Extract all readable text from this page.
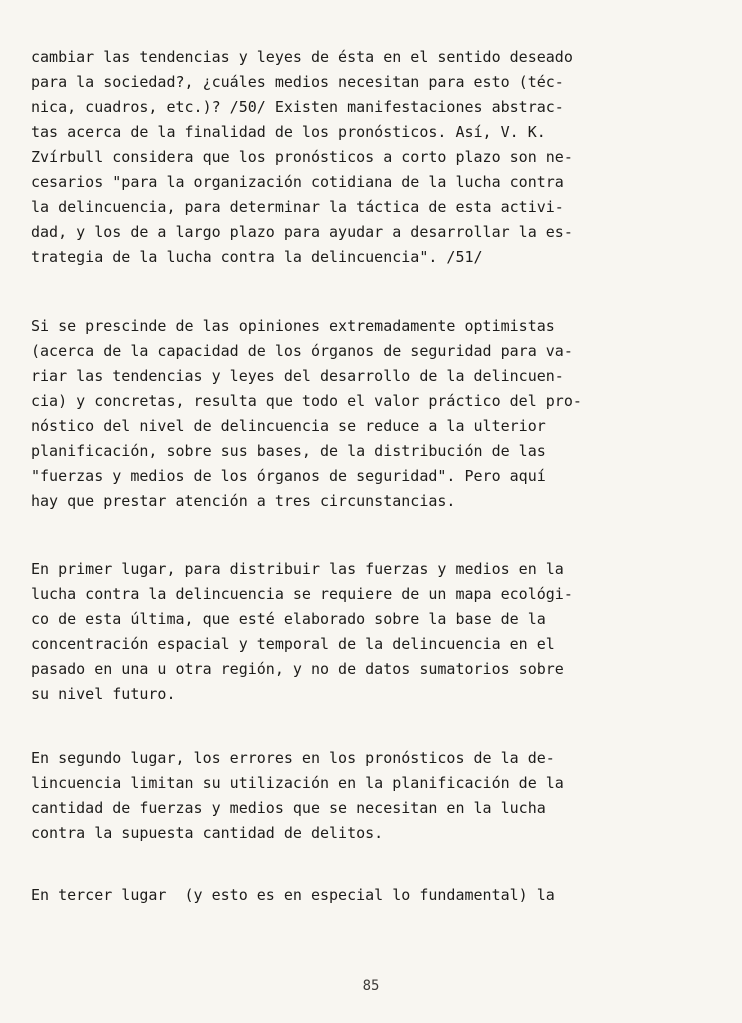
cambiar las tendencias y leyes de ésta en el sentido deseado
para la sociedad?, ¿cuáles medios necesitan para esto (téc-
nica, cuadros, etc.)? /50/ Existen manifestaciones abstrac-
tas acerca de la finalidad de los pronósticos. Así, V. K.
Zvírbull considera que los pronósticos a corto plazo son ne-
cesarios "para la organización cotidiana de la lucha contra
la delincuencia, para determinar la táctica de esta activi-
dad, y los de a largo plazo para ayudar a desarrollar la es-
trategia de la lucha contra la delincuencia". /51/
Si se prescinde de las opiniones extremadamente optimistas
(acerca de la capacidad de los órganos de seguridad para va-
riar las tendencias y leyes del desarrollo de la delincuen-
cia) y concretas, resulta que todo el valor práctico del pro-
nóstico del nivel de delincuencia se reduce a la ulterior
planificación, sobre sus bases, de la distribución de las
"fuerzas y medios de los órganos de seguridad". Pero aquí
hay que prestar atención a tres circunstancias.
En primer lugar, para distribuir las fuerzas y medios en la
lucha contra la delincuencia se requiere de un mapa ecológi-
co de esta última, que esté elaborado sobre la base de la
concentración espacial y temporal de la delincuencia en el
pasado en una u otra región, y no de datos sumatorios sobre
su nivel futuro.
En segundo lugar, los errores en los pronósticos de la de-
lincuencia limitan su utilización en la planificación de la
cantidad de fuerzas y medios que se necesitan en la lucha
contra la supuesta cantidad de delitos.
En tercer lugar  (y esto es en especial lo fundamental) la
85
